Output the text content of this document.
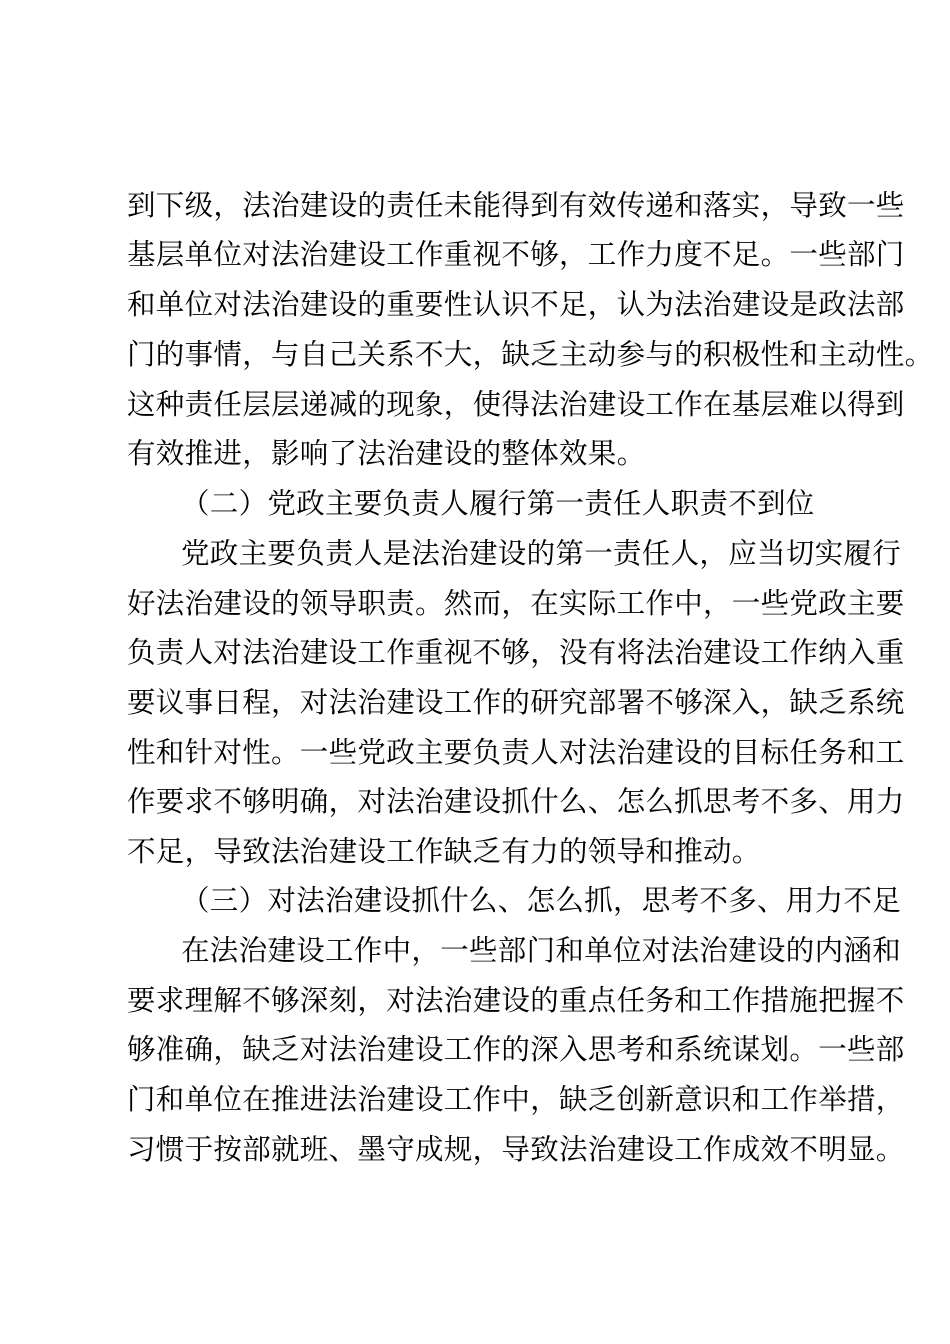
到下级，法治建设的责任未能得到有效传递和落实，导致一些
基层单位对法治建设工作重视不够，工作力度不足。一些部门
和单位对法治建设的重要性认识不足，认为法治建设是政法部
门的事情，与自己关系不大，缺乏主动参与的积极性和主动性。
这种责任层层递减的现象，使得法治建设工作在基层难以得到
有效推进，影响了法治建设的整体效果。
（二）党政主要负责人履行第一责任人职责不到位
党政主要负责人是法治建设的第一责任人，应当切实履行
好法治建设的领导职责。然而，在实际工作中，一些党政主要
负责人对法治建设工作重视不够，没有将法治建设工作纳入重
要议事日程，对法治建设工作的研究部署不够深入，缺乏系统
性和针对性。一些党政主要负责人对法治建设的目标任务和工
作要求不够明确，对法治建设抓什么、怎么抓思考不多、用力
不足，导致法治建设工作缺乏有力的领导和推动。
（三）对法治建设抓什么、怎么抓，思考不多、用力不足
在法治建设工作中，一些部门和单位对法治建设的内涵和
要求理解不够深刻，对法治建设的重点任务和工作措施把握不
够准确，缺乏对法治建设工作的深入思考和系统谋划。一些部
门和单位在推进法治建设工作中，缺乏创新意识和工作举措，
习惯于按部就班、墨守成规，导致法治建设工作成效不明显。
